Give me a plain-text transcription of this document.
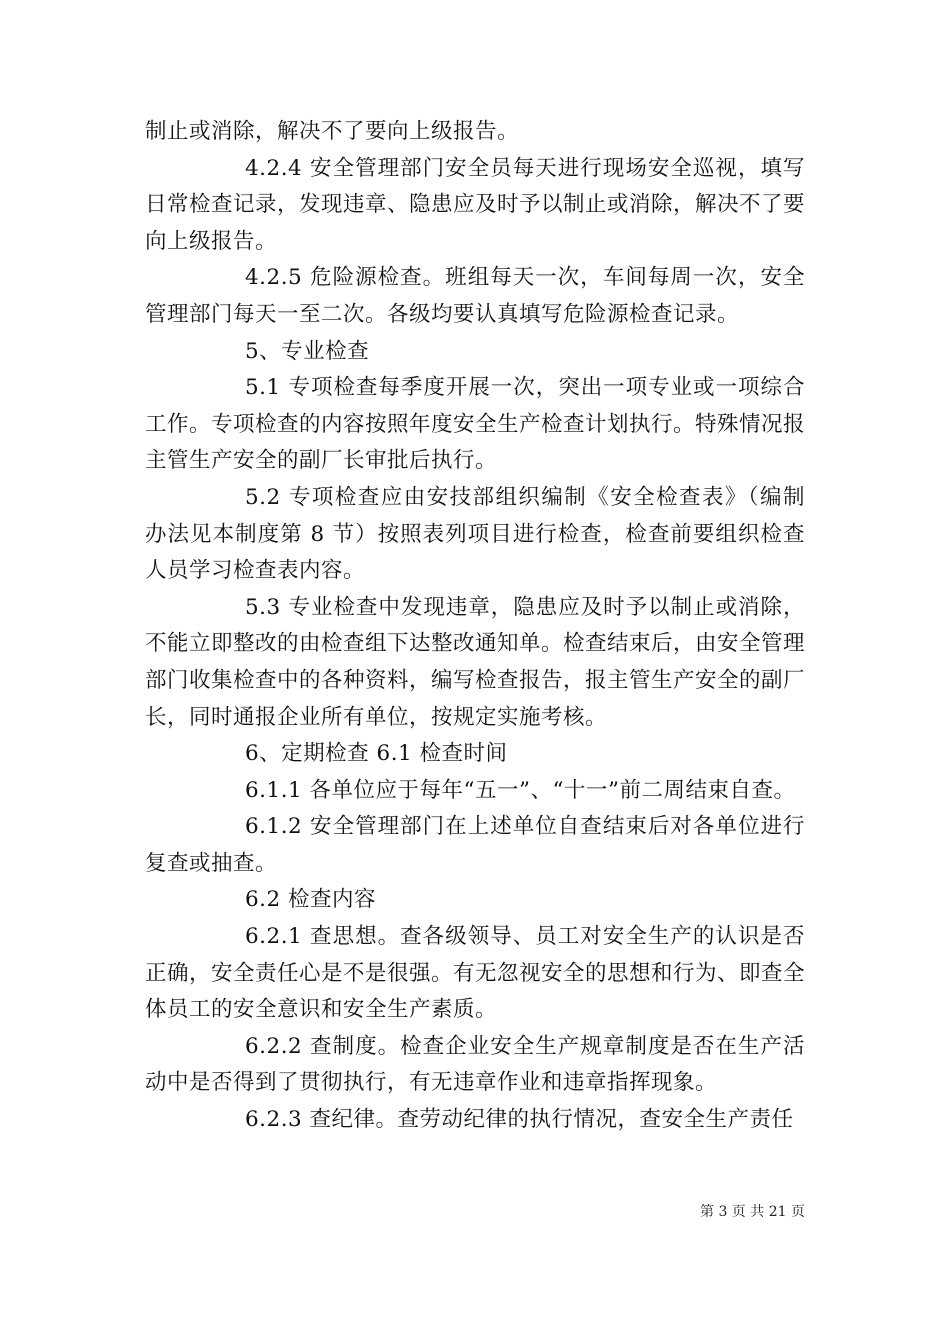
制止或消除，解决不了要向上级报告。

4.2.4 安全管理部门安全员每天进行现场安全巡视，填写日常检查记录，发现违章、隐患应及时予以制止或消除，解决不了要向上级报告。

4.2.5 危险源检查。班组每天一次，车间每周一次，安全管理部门每天一至二次。各级均要认真填写危险源检查记录。

5、专业检查

5.1 专项检查每季度开展一次，突出一项专业或一项综合工作。专项检查的内容按照年度安全生产检查计划执行。特殊情况报主管生产安全的副厂长审批后执行。

5.2 专项检查应由安技部组织编制《安全检查表》（编制办法见本制度第 8 节）按照表列项目进行检查，检查前要组织检查人员学习检查表内容。

5.3 专业检查中发现违章，隐患应及时予以制止或消除，不能立即整改的由检查组下达整改通知单。检查结束后，由安全管理部门收集检查中的各种资料，编写检查报告，报主管生产安全的副厂长，同时通报企业所有单位，按规定实施考核。

6、定期检查 6.1 检查时间

6.1.1 各单位应于每年“五一”、“十一”前二周结束自查。

6.1.2 安全管理部门在上述单位自查结束后对各单位进行复查或抽查。

6.2 检查内容

6.2.1 查思想。查各级领导、员工对安全生产的认识是否正确，安全责任心是不是很强。有无忽视安全的思想和行为、即查全体员工的安全意识和安全生产素质。

6.2.2 查制度。检查企业安全生产规章制度是否在生产活动中是否得到了贯彻执行，有无违章作业和违章指挥现象。

6.2.3 查纪律。查劳动纪律的执行情况，查安全生产责任

第 3 页 共 21 页
